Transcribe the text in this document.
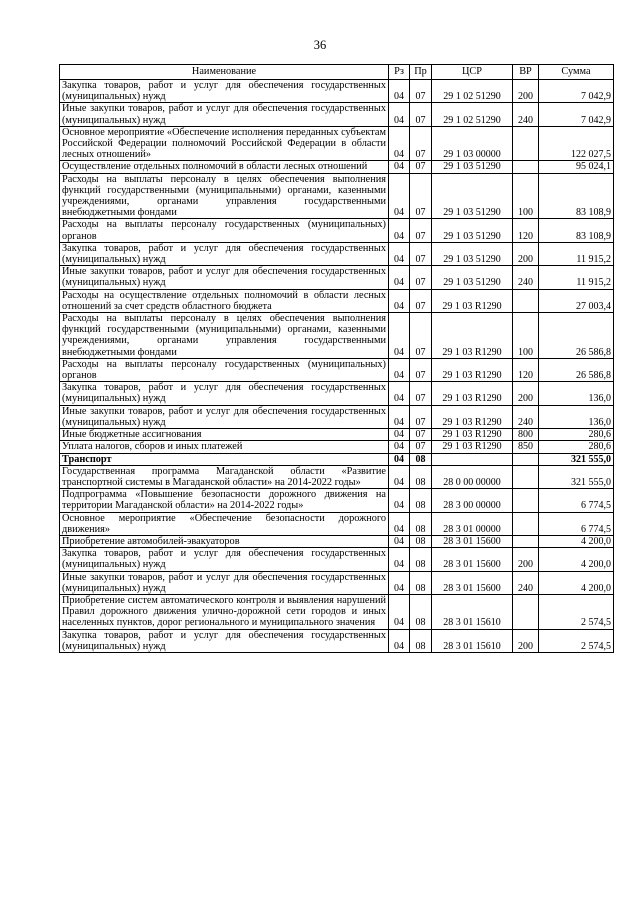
36
Наименование	Рз	Пр	ЦСР	ВР	Сумма
Закупка товаров, работ и услуг для обеспечения государственных (муниципальных) нужд	04	07	29 1 02 51290	200	7 042,9
Иные закупки товаров, работ и услуг для обеспечения государственных (муниципальных) нужд	04	07	29 1 02 51290	240	7 042,9
Основное мероприятие «Обеспечение исполнения переданных субъектам Российской Федерации полномочий Российской Федерации в области лесных отношений»	04	07	29 1 03 00000		122 027,5
Осуществление отдельных полномочий в области лесных отношений	04	07	29 1 03 51290		95 024,1
Расходы на выплаты персоналу в целях обеспечения выполнения функций государственными (муниципальными) органами, казенными учреждениями, органами управления государственными внебюджетными фондами	04	07	29 1 03 51290	100	83 108,9
Расходы на выплаты персоналу государственных (муниципальных) органов	04	07	29 1 03 51290	120	83 108,9
Закупка товаров, работ и услуг для обеспечения государственных (муниципальных) нужд	04	07	29 1 03 51290	200	11 915,2
Иные закупки товаров, работ и услуг для обеспечения государственных (муниципальных) нужд	04	07	29 1 03 51290	240	11 915,2
Расходы на осуществление отдельных полномочий в области лесных отношений за счет средств областного бюджета	04	07	29 1 03 R1290		27 003,4
Расходы на выплаты персоналу в целях обеспечения выполнения функций государственными (муниципальными) органами, казенными учреждениями, органами управления государственными внебюджетными фондами	04	07	29 1 03 R1290	100	26 586,8
Расходы на выплаты персоналу государственных (муниципальных) органов	04	07	29 1 03 R1290	120	26 586,8
Закупка товаров, работ и услуг для обеспечения государственных (муниципальных) нужд	04	07	29 1 03 R1290	200	136,0
Иные закупки товаров, работ и услуг для обеспечения государственных (муниципальных) нужд	04	07	29 1 03 R1290	240	136,0
Иные бюджетные ассигнования	04	07	29 1 03 R1290	800	280,6
Уплата налогов, сборов и иных платежей	04	07	29 1 03 R1290	850	280,6
Транспорт	04	08			321 555,0
Государственная программа Магаданской области «Развитие транспортной системы в Магаданской области» на 2014-2022 годы»	04	08	28 0 00 00000		321 555,0
Подпрограмма «Повышение безопасности дорожного движения на территории Магаданской области» на 2014-2022 годы»	04	08	28 3 00 00000		6 774,5
Основное мероприятие «Обеспечение безопасности дорожного движения»	04	08	28 3 01 00000		6 774,5
Приобретение автомобилей-эвакуаторов	04	08	28 3 01 15600		4 200,0
Закупка товаров, работ и услуг для обеспечения государственных (муниципальных) нужд	04	08	28 3 01 15600	200	4 200,0
Иные закупки товаров, работ и услуг для обеспечения государственных (муниципальных) нужд	04	08	28 3 01 15600	240	4 200,0
Приобретение систем автоматического контроля и выявления нарушений Правил дорожного движения улично-дорожной сети городов и иных населенных пунктов, дорог регионального и муниципального значения	04	08	28 3 01 15610		2 574,5
Закупка товаров, работ и услуг для обеспечения государственных (муниципальных) нужд	04	08	28 3 01 15610	200	2 574,5
